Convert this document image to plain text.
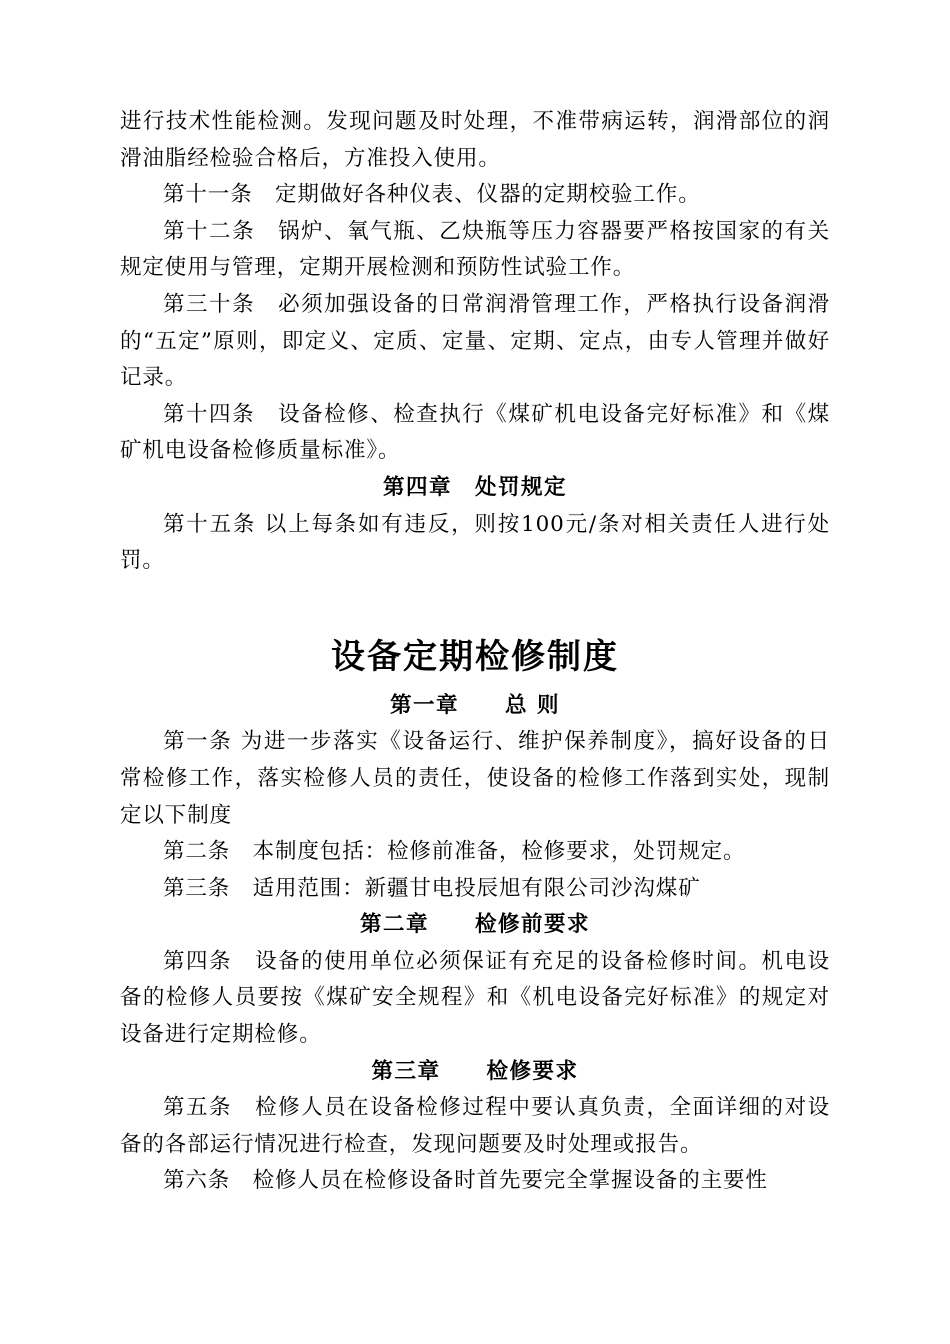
进行技术性能检测。发现问题及时处理，不准带病运转，润滑部位的润滑油脂经检验合格后，方准投入使用。

第十一条　定期做好各种仪表、仪器的定期校验工作。

第十二条　锅炉、氧气瓶、乙炔瓶等压力容器要严格按国家的有关规定使用与管理，定期开展检测和预防性试验工作。

第三十条　必须加强设备的日常润滑管理工作，严格执行设备润滑的“五定”原则，即定义、定质、定量、定期、定点，由专人管理并做好记录。

第十四条　设备检修、检查执行《煤矿机电设备完好标准》和《煤矿机电设备检修质量标准》。

第四章　处罚规定

第十五条 以上每条如有违反，则按100元/条对相关责任人进行处罚。

设备定期检修制度

第一章　　总 则

第一条 为进一步落实《设备运行、维护保养制度》，搞好设备的日常检修工作，落实检修人员的责任，使设备的检修工作落到实处，现制定以下制度

第二条　本制度包括：检修前准备，检修要求，处罚规定。

第三条　适用范围：新疆甘电投辰旭有限公司沙沟煤矿

第二章　　检修前要求

第四条　设备的使用单位必须保证有充足的设备检修时间。机电设备的检修人员要按《煤矿安全规程》和《机电设备完好标准》的规定对设备进行定期检修。

第三章　　检修要求

第五条　检修人员在设备检修过程中要认真负责，全面详细的对设备的各部运行情况进行检查，发现问题要及时处理或报告。

第六条　检修人员在检修设备时首先要完全掌握设备的主要性
